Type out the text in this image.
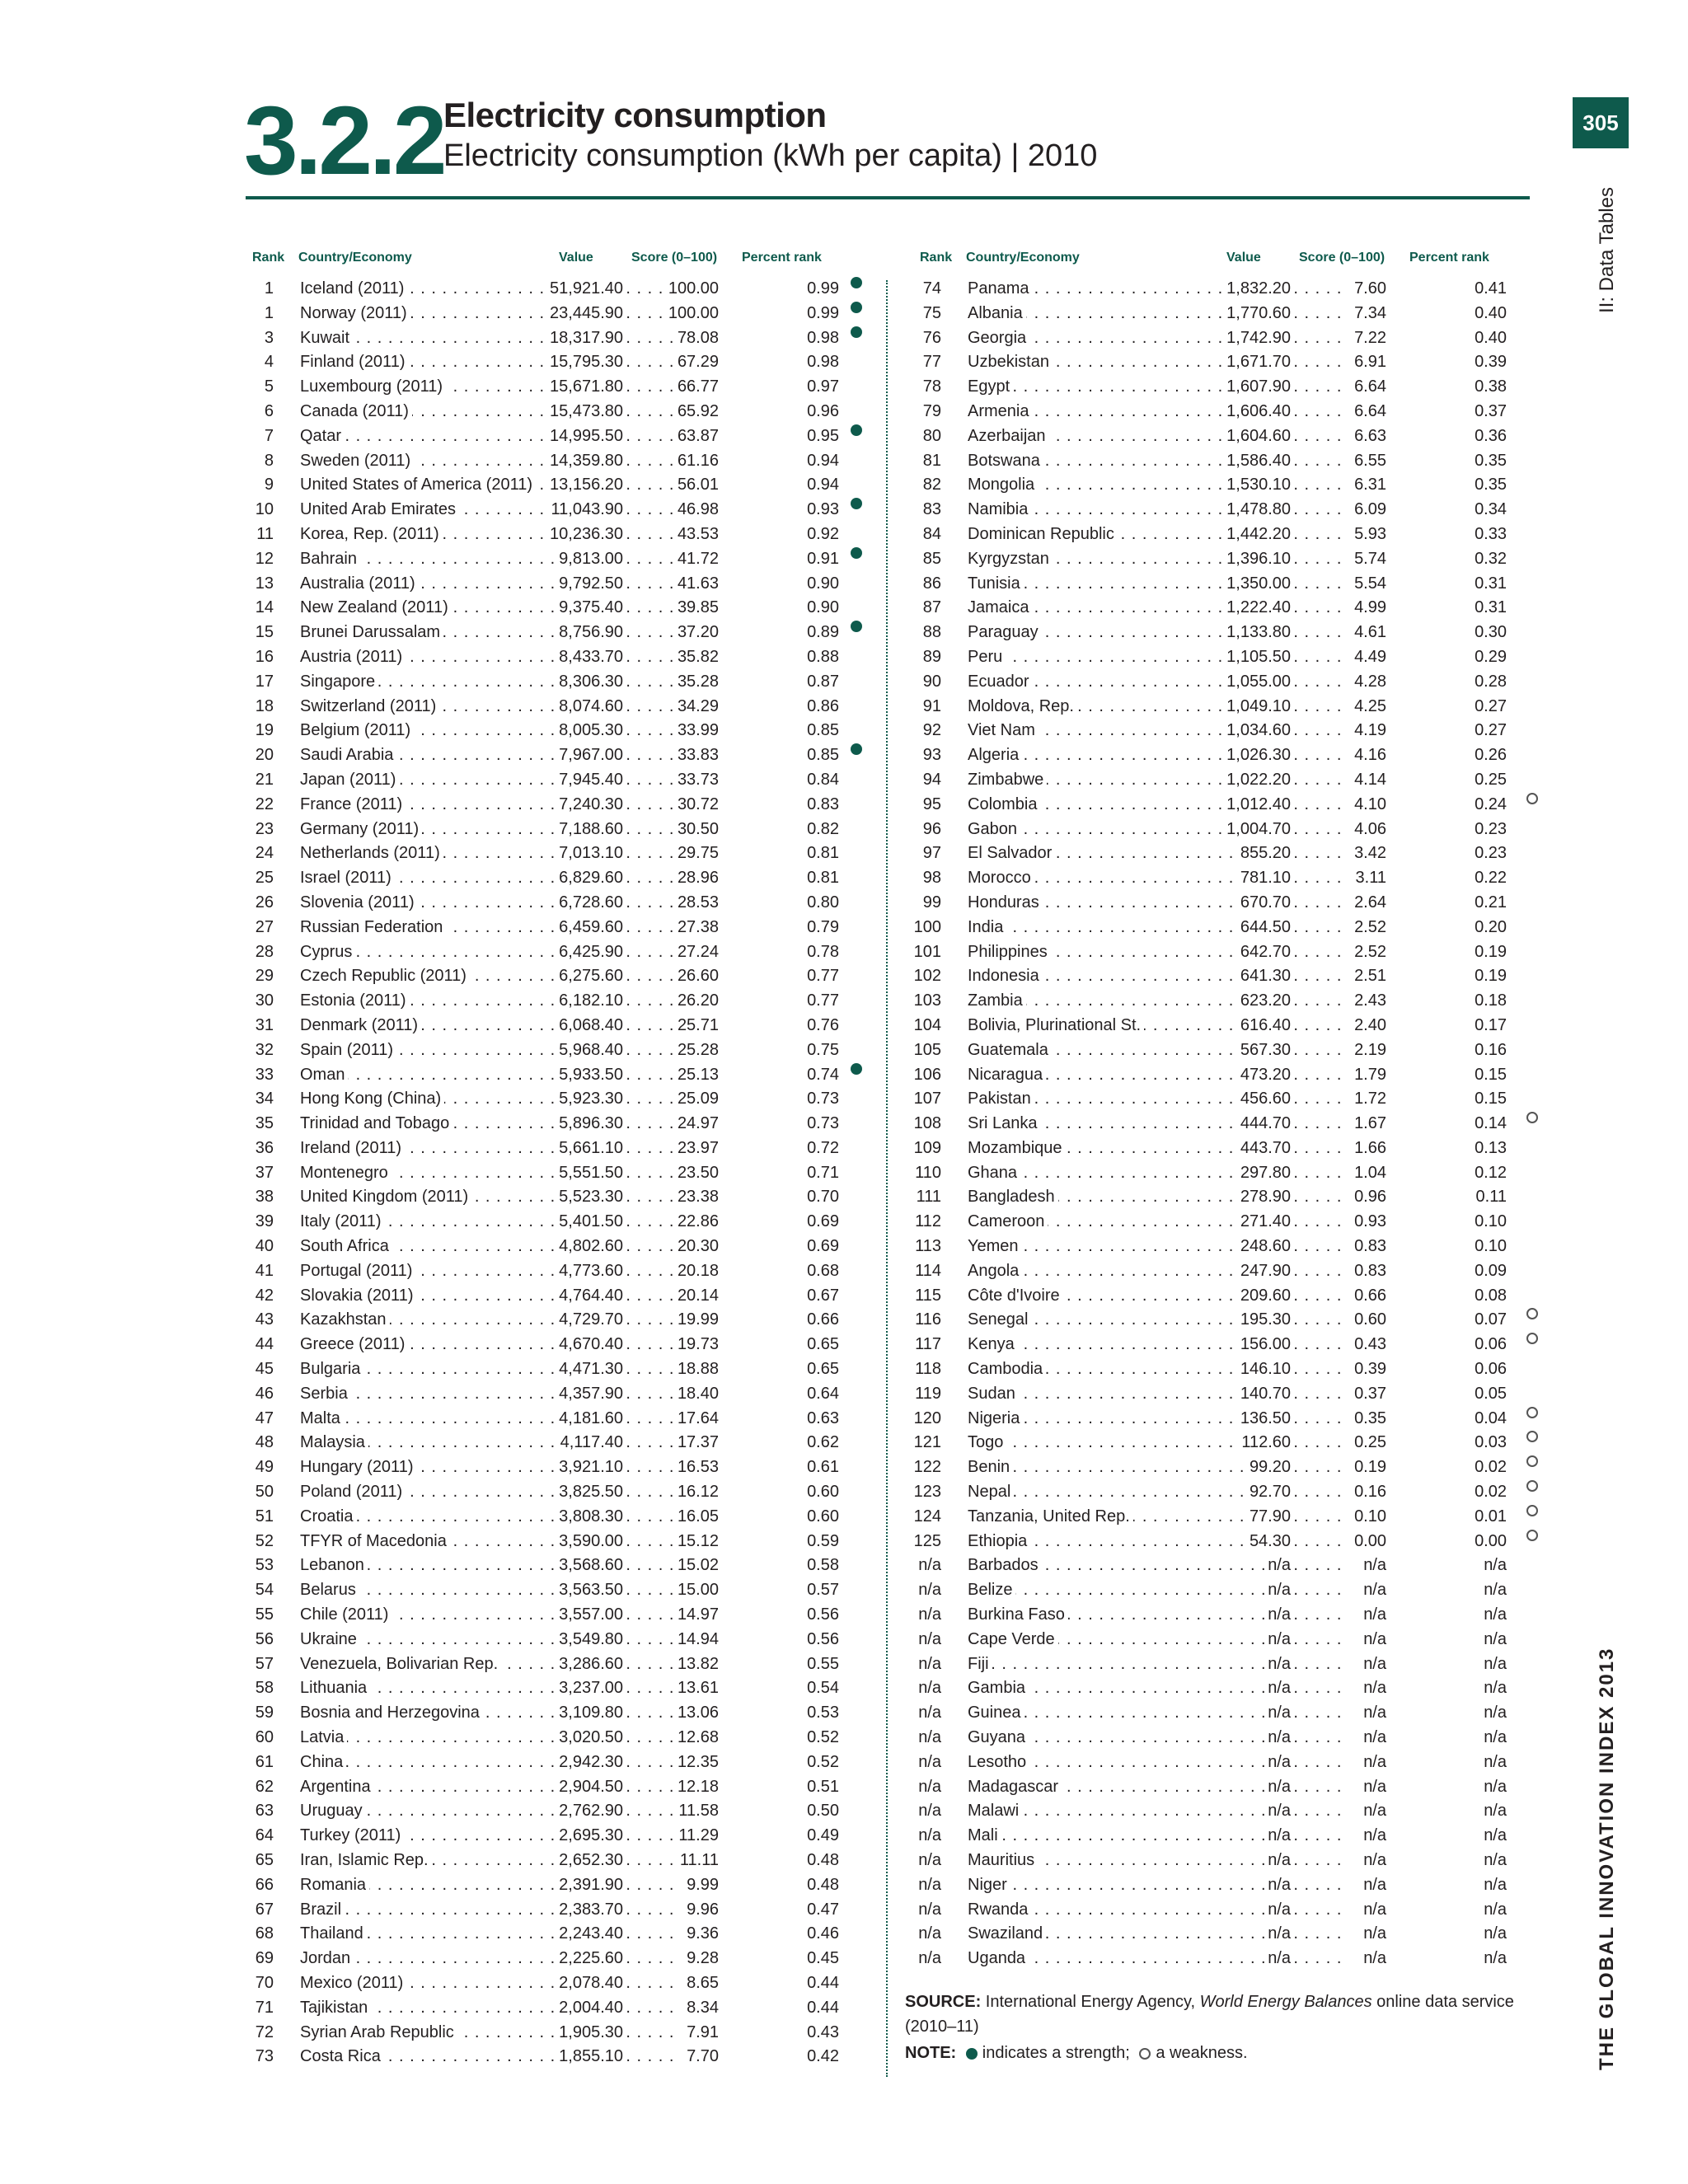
3.2.2 Electricity consumption
Electricity consumption (kWh per capita) | 2010
305
II: Data Tables
THE GLOBAL INNOVATION INDEX 2013
Rank Country/Economy	Value	Score (0–100) Percent rank	Rank Country/Economy	Value	Score (0–100) Percent rank
1 . . . Iceland (2011)	51,921.40	100.00	0.99
1 . . . Norway (2011)	23,445.90	100.00	0.99
3 . . . Kuwait	18,317.90	78.08	0.98
4 . . . Finland (2011)	15,795.30	67.29	0.98
5 . . . Luxembourg (2011)	15,671.80	66.77	0.97
6 . . . Canada (2011)	15,473.80	65.92	0.96
7 . . . Qatar	14,995.50	63.87	0.95
8 . . . Sweden (2011)	14,359.80	61.16	0.94
9 . . . United States of America (2011) 13,156.20	56.01	0.94
10 . . . United Arab Emirates	11,043.90	46.98	0.93
11 . . . Korea, Rep. (2011)	10,236.30	43.53	0.92
12 . . . Bahrain	9,813.00	41.72	0.91
13 . . . Australia (2011)	9,792.50	41.63	0.90
14 . . . New Zealand (2011)	9,375.40	39.85	0.90
15 . . . Brunei Darussalam	8,756.90	37.20	0.89
16 . . . Austria (2011)	8,433.70	35.82	0.88
17 . . . Singapore	8,306.30	35.28	0.87
18 . . . Switzerland (2011)	8,074.60	34.29	0.86
19 . . . Belgium (2011)	8,005.30	33.99	0.85
20 . . . Saudi Arabia	7,967.00	33.83	0.85
21 . . . Japan (2011)	7,945.40	33.73	0.84
22 . . . France (2011)	7,240.30	30.72	0.83
23 . . . Germany (2011)	7,188.60	30.50	0.82
24 . . . Netherlands (2011)	7,013.10	29.75	0.81
25 . . . Israel (2011)	6,829.60	28.96	0.81
26 . . . Slovenia (2011)	6,728.60	28.53	0.80
27 . . . Russian Federation	6,459.60	27.38	0.79
28 . . . Cyprus	6,425.90	27.24	0.78
29 . . . Czech Republic (2011)	6,275.60	26.60	0.77
30 . . . Estonia (2011)	6,182.10	26.20	0.77
31 . . . Denmark (2011)	6,068.40	25.71	0.76
32 . . . Spain (2011)	5,968.40	25.28	0.75
33 . . . Oman	5,933.50	25.13	0.74
34 . . . Hong Kong (China)	5,923.30	25.09	0.73
35 . . . Trinidad and Tobago	5,896.30	24.97	0.73
36 . . . Ireland (2011)	5,661.10	23.97	0.72
37 . . . Montenegro	5,551.50	23.50	0.71
38 . . . United Kingdom (2011)	5,523.30	23.38	0.70
39 . . . Italy (2011)	5,401.50	22.86	0.69
40 . . . South Africa	4,802.60	20.30	0.69
41 . . . Portugal (2011)	4,773.60	20.18	0.68
42 . . . Slovakia (2011)	4,764.40	20.14	0.67
43 . . . Kazakhstan	4,729.70	19.99	0.66
44 . . . Greece (2011)	4,670.40	19.73	0.65
45 . . . Bulgaria	4,471.30	18.88	0.65
46 . . . Serbia	4,357.90	18.40	0.64
47 . . . Malta	4,181.60	17.64	0.63
48 . . . Malaysia	4,117.40	17.37	0.62
49 . . . Hungary (2011)	3,921.10	16.53	0.61
50 . . . Poland (2011)	3,825.50	16.12	0.60
51 . . . Croatia	3,808.30	16.05	0.60
52 . . . TFYR of Macedonia	3,590.00	15.12	0.59
53 . . . Lebanon	3,568.60	15.02	0.58
54 . . . Belarus	3,563.50	15.00	0.57
55 . . . Chile (2011)	3,557.00	14.97	0.56
56 . . . Ukraine	3,549.80	14.94	0.56
57 . . . Venezuela, Bolivarian Rep.	3,286.60	13.82	0.55
58 . . . Lithuania	3,237.00	13.61	0.54
59 . . . Bosnia and Herzegovina	3,109.80	13.06	0.53
60 . . . Latvia	3,020.50	12.68	0.52
61 . . . China	2,942.30	12.35	0.52
62 . . . Argentina	2,904.50	12.18	0.51
63 . . . Uruguay	2,762.90	11.58	0.50
64 . . . Turkey (2011)	2,695.30	11.29	0.49
65 . . . Iran, Islamic Rep.	2,652.30	11.11	0.48
66 . . . Romania	2,391.90	9.99	0.48
67 . . . Brazil	2,383.70	9.96	0.47
68 . . . Thailand	2,243.40	9.36	0.46
69 . . . Jordan	2,225.60	9.28	0.45
70 . . . Mexico (2011)	2,078.40	8.65	0.44
71 . . . Tajikistan	2,004.40	8.34	0.44
72 . . . Syrian Arab Republic	1,905.30	7.91	0.43
73 . . . Costa Rica	1,855.10	7.70	0.42
74 . . . Panama	1,832.20	7.60	0.41
75 . . . Albania	1,770.60	7.34	0.40
76 . . . Georgia	1,742.90	7.22	0.40
77 . . . Uzbekistan	1,671.70	6.91	0.39
78 . . . Egypt	1,607.90	6.64	0.38
79 . . . Armenia	1,606.40	6.64	0.37
80 . . . Azerbaijan	1,604.60	6.63	0.36
81 . . . Botswana	1,586.40	6.55	0.35
82 . . . Mongolia	1,530.10	6.31	0.35
83 . . . Namibia	1,478.80	6.09	0.34
84 . . . Dominican Republic	1,442.20	5.93	0.33
85 . . . Kyrgyzstan	1,396.10	5.74	0.32
86 . . . Tunisia	1,350.00	5.54	0.31
87 . . . Jamaica	1,222.40	4.99	0.31
88 . . . Paraguay	1,133.80	4.61	0.30
89 . . . Peru	1,105.50	4.49	0.29
90 . . . Ecuador	1,055.00	4.28	0.28
91 . . . Moldova, Rep.	1,049.10	4.25	0.27
92 . . . Viet Nam	1,034.60	4.19	0.27
93 . . . Algeria	1,026.30	4.16	0.26
94 . . . Zimbabwe	1,022.20	4.14	0.25
95 . . . Colombia	1,012.40	4.10	0.24
96 . . . Gabon	1,004.70	4.06	0.23
97 . . . El Salvador	855.20	3.42	0.23
98 . . . Morocco	781.10	3.11	0.22
99 . . . Honduras	670.70	2.64	0.21
100 . . . India	644.50	2.52	0.20
101 . . . Philippines	642.70	2.52	0.19
102 . . . Indonesia	641.30	2.51	0.19
103 . . . Zambia	623.20	2.43	0.18
104 . . . Bolivia, Plurinational St.	616.40	2.40	0.17
105 . . . Guatemala	567.30	2.19	0.16
106 . . . Nicaragua	473.20	1.79	0.15
107 . . . Pakistan	456.60	1.72	0.15
108 . . . Sri Lanka	444.70	1.67	0.14
109 . . . Mozambique	443.70	1.66	0.13
110 . . . Ghana	297.80	1.04	0.12
111 . . . Bangladesh	278.90	0.96	0.11
112 . . . Cameroon	271.40	0.93	0.10
113 . . . Yemen	248.60	0.83	0.10
114 . . . Angola	247.90	0.83	0.09
115 . . . Côte d'Ivoire	209.60	0.66	0.08
116 . . . Senegal	195.30	0.60	0.07
117 . . . Kenya	156.00	0.43	0.06
118 . . . Cambodia	146.10	0.39	0.06
119 . . . Sudan	140.70	0.37	0.05
120 . . . Nigeria	136.50	0.35	0.04
121 . . . Togo	112.60	0.25	0.03
122 . . . Benin	99.20	0.19	0.02
123 . . . Nepal	92.70	0.16	0.02
124 . . . Tanzania, United Rep.	77.90	0.10	0.01
125 . . . Ethiopia	54.30	0.00	0.00
n/a . . . Barbados	n/a	n/a	n/a
n/a . . . Belize	n/a	n/a	n/a
n/a . . . Burkina Faso	n/a	n/a	n/a
n/a . . . Cape Verde	n/a	n/a	n/a
n/a . . . Fiji	n/a	n/a	n/a
n/a . . . Gambia	n/a	n/a	n/a
n/a . . . Guinea	n/a	n/a	n/a
n/a . . . Guyana	n/a	n/a	n/a
n/a . . . Lesotho	n/a	n/a	n/a
n/a . . . Madagascar	n/a	n/a	n/a
n/a . . . Malawi	n/a	n/a	n/a
n/a . . . Mali	n/a	n/a	n/a
n/a . . . Mauritius	n/a	n/a	n/a
n/a . . . Niger	n/a	n/a	n/a
n/a . . . Rwanda	n/a	n/a	n/a
n/a . . . Swaziland	n/a	n/a	n/a
n/a . . . Uganda	n/a	n/a	n/a
SOURCE: International Energy Agency, World Energy Balances online data service (2010–11)
NOTE: indicates a strength; a weakness.
